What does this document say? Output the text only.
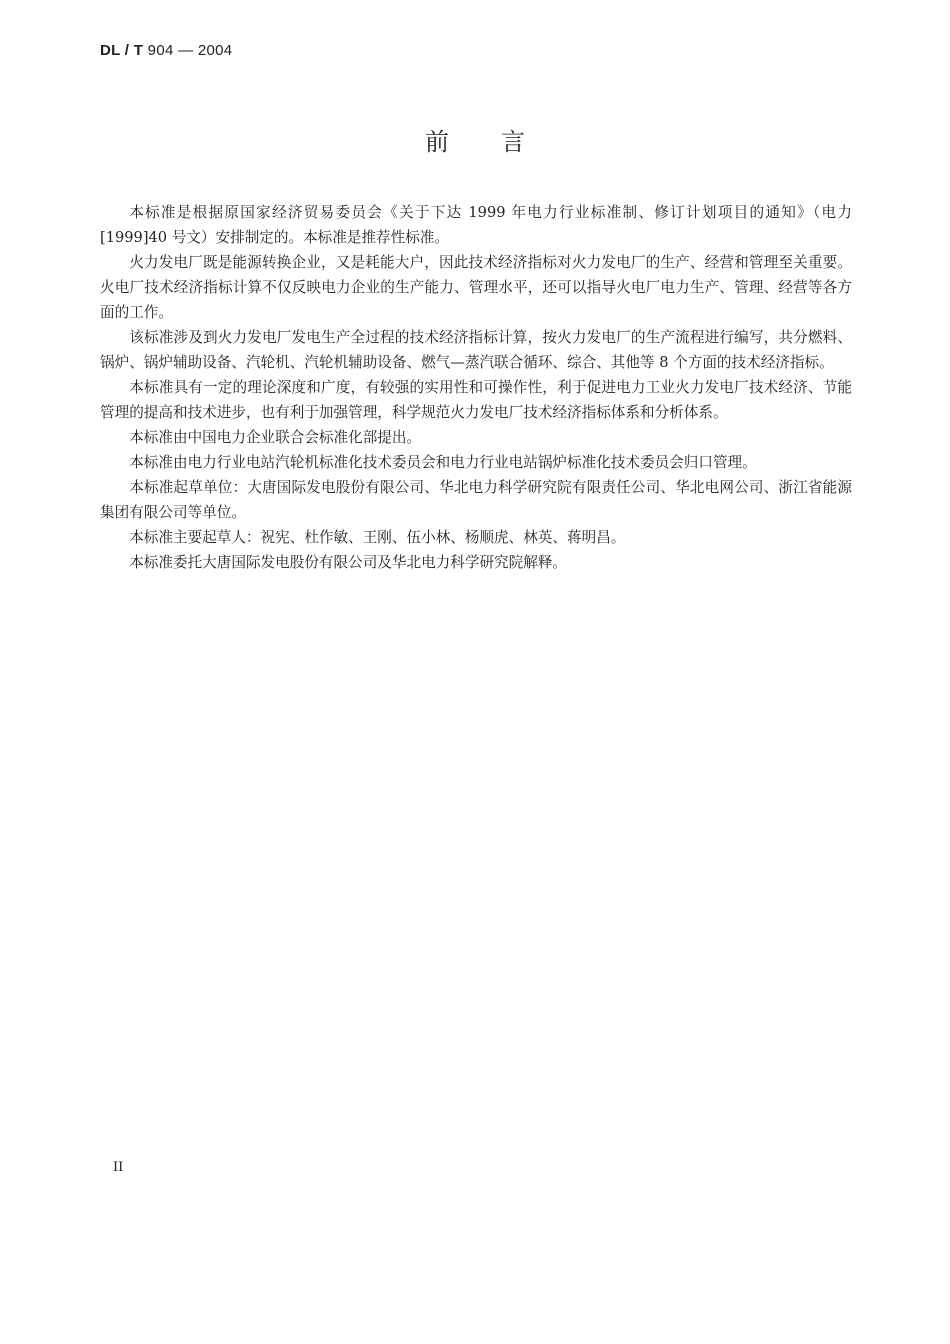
DL / T 904 — 2004
前 言

本标准是根据原国家经济贸易委员会《关于下达 1999 年电力行业标准制、修订计划项目的通知》（电力[1999]40 号文）安排制定的。本标准是推荐性标准。

火力发电厂既是能源转换企业，又是耗能大户，因此技术经济指标对火力发电厂的生产、经营和管理至关重要。火电厂技术经济指标计算不仅反映电力企业的生产能力、管理水平，还可以指导火电厂电力生产、管理、经营等各方面的工作。

该标准涉及到火力发电厂发电生产全过程的技术经济指标计算，按火力发电厂的生产流程进行编写，共分燃料、锅炉、锅炉辅助设备、汽轮机、汽轮机辅助设备、燃气—蒸汽联合循环、综合、其他等 8 个方面的技术经济指标。

本标准具有一定的理论深度和广度，有较强的实用性和可操作性，利于促进电力工业火力发电厂技术经济、节能管理的提高和技术进步，也有利于加强管理，科学规范火力发电厂技术经济指标体系和分析体系。

本标准由中国电力企业联合会标准化部提出。

本标准由电力行业电站汽轮机标准化技术委员会和电力行业电站锅炉标准化技术委员会归口管理。

本标准起草单位：大唐国际发电股份有限公司、华北电力科学研究院有限责任公司、华北电网公司、浙江省能源集团有限公司等单位。

本标准主要起草人：祝宪、杜作敏、王刚、伍小林、杨顺虎、林英、蒋明昌。

本标准委托大唐国际发电股份有限公司及华北电力科学研究院解释。

II
